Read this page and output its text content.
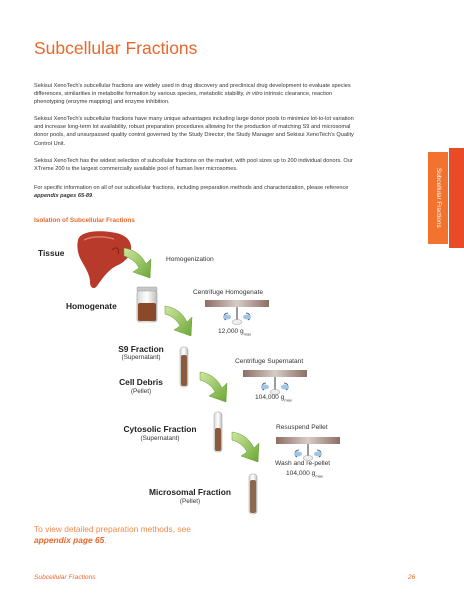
Subcellular Fractions
Sekisui XenoTech's subcellular fractions are widely used in drug discovery and preclinical drug development to evaluate species differences, similarities in metabolite formation by various species, metabolic stability, in vitro intrinsic clearance, reaction phenotyping (enzyme mapping) and enzyme inhibition.
Sekisui XenoTech's subcellular fractions have many unique advantages including large donor pools to minimize lot-to-lot variation and increase long-term lot availability, robust preparation procedures allowing for the production of matching S9 and microsomal donor pools, and unsurpassed quality control governed by the Study Director, the Study Manager and Sekisui XenoTech's Quality Control Unit.
Sekisui XenoTech has the widest selection of subcellular fractions on the market, with pool sizes up to 200 individual donors. Our XTreme 200 is the largest commercially available pool of human liver microsomes.
For specific information on all of our subcellular fractions, including preparation methods and characterization, please reference appendix pages 65-89.
Isolation of Subcellular Fractions	Subcellular Fractions
Tissue
Homogenization
Homogenate
Centrifuge Homogenate
12,000 $g_{max}$
S9 Fraction
(Supernatant)
Cell Debris
(Pellet)
Centrifuge Supernatant
104,000 $g_{max}$
Cytosolic Fraction
(Supernatant)
Resuspend Pellet
Wash and re-pellet
104,000 $g_{max}$
Microsomal Fraction
(Pellet)
To view detailed preparation methods, see appendix page 65.
Subcellular Fractions	26
